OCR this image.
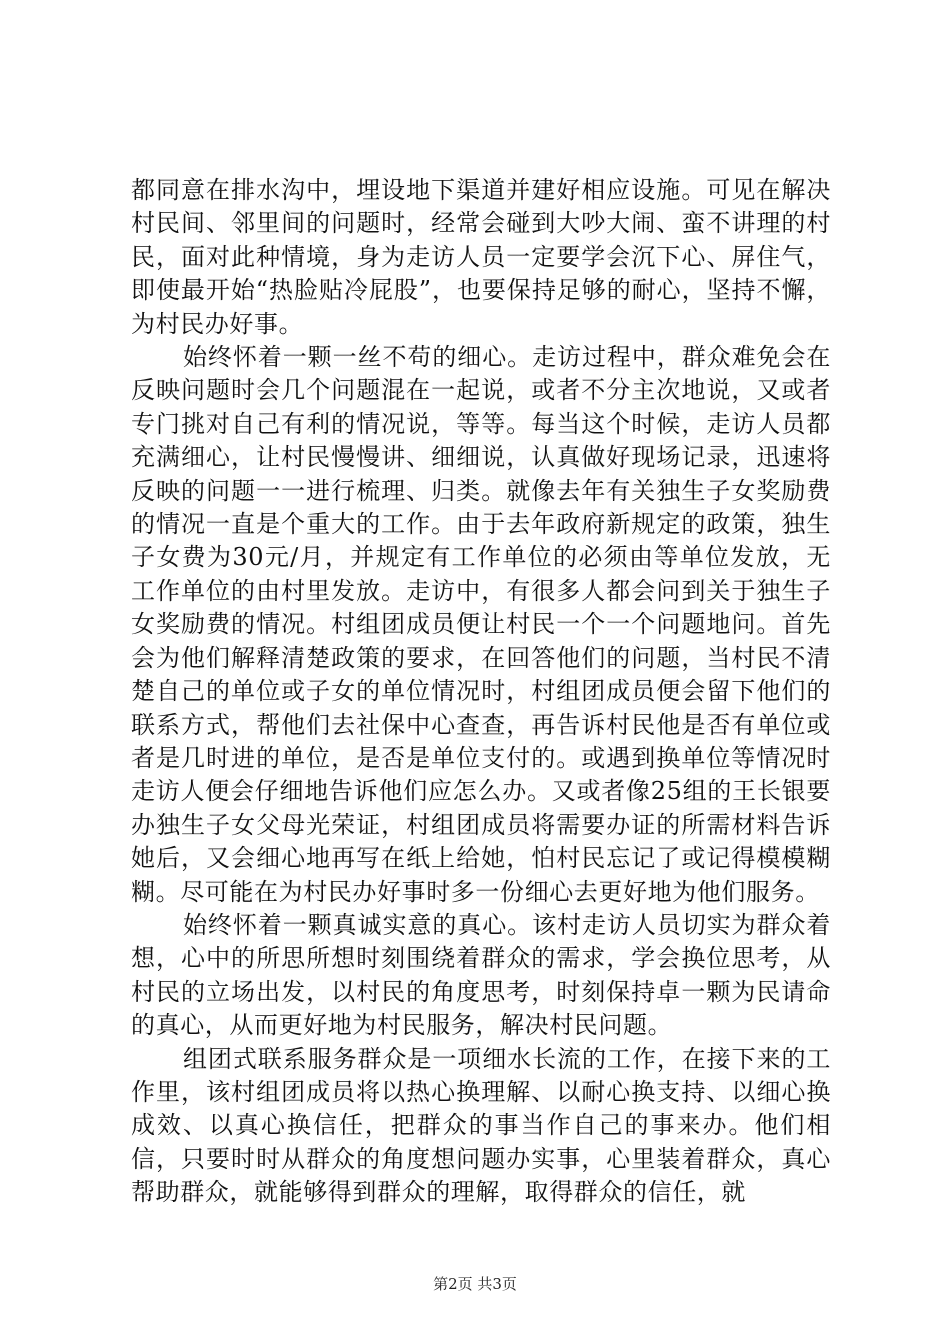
都同意在排水沟中，埋设地下渠道并建好相应设施。可见在解决村民间、邻里间的问题时，经常会碰到大吵大闹、蛮不讲理的村民，面对此种情境，身为走访人员一定要学会沉下心、屏住气，即使最开始“热脸贴冷屁股”，也要保持足够的耐心，坚持不懈，为村民办好事。

始终怀着一颗一丝不苟的细心。走访过程中，群众难免会在反映问题时会几个问题混在一起说，或者不分主次地说，又或者专门挑对自己有利的情况说，等等。每当这个时候，走访人员都充满细心，让村民慢慢讲、细细说，认真做好现场记录，迅速将反映的问题一一进行梳理、归类。就像去年有关独生子女奖励费的情况一直是个重大的工作。由于去年政府新规定的政策，独生子女费为30元/月，并规定有工作单位的必须由等单位发放，无工作单位的由村里发放。走访中，有很多人都会问到关于独生子女奖励费的情况。村组团成员便让村民一个一个问题地问。首先会为他们解释清楚政策的要求，在回答他们的问题，当村民不清楚自己的单位或子女的单位情况时，村组团成员便会留下他们的联系方式，帮他们去社保中心查查，再告诉村民他是否有单位或者是几时进的单位，是否是单位支付的。或遇到换单位等情况时走访人便会仔细地告诉他们应怎么办。又或者像25组的王长银要办独生子女父母光荣证，村组团成员将需要办证的所需材料告诉她后，又会细心地再写在纸上给她，怕村民忘记了或记得模模糊糊。尽可能在为村民办好事时多一份细心去更好地为他们服务。

始终怀着一颗真诚实意的真心。该村走访人员切实为群众着想，心中的所思所想时刻围绕着群众的需求，学会换位思考，从村民的立场出发，以村民的角度思考，时刻保持卓一颗为民请命的真心，从而更好地为村民服务，解决村民问题。

组团式联系服务群众是一项细水长流的工作，在接下来的工作里，该村组团成员将以热心换理解、以耐心换支持、以细心换成效、以真心换信任，把群众的事当作自己的事来办。他们相信，只要时时从群众的角度想问题办实事，心里装着群众，真心帮助群众，就能够得到群众的理解，取得群众的信任，就

第2页 共3页
